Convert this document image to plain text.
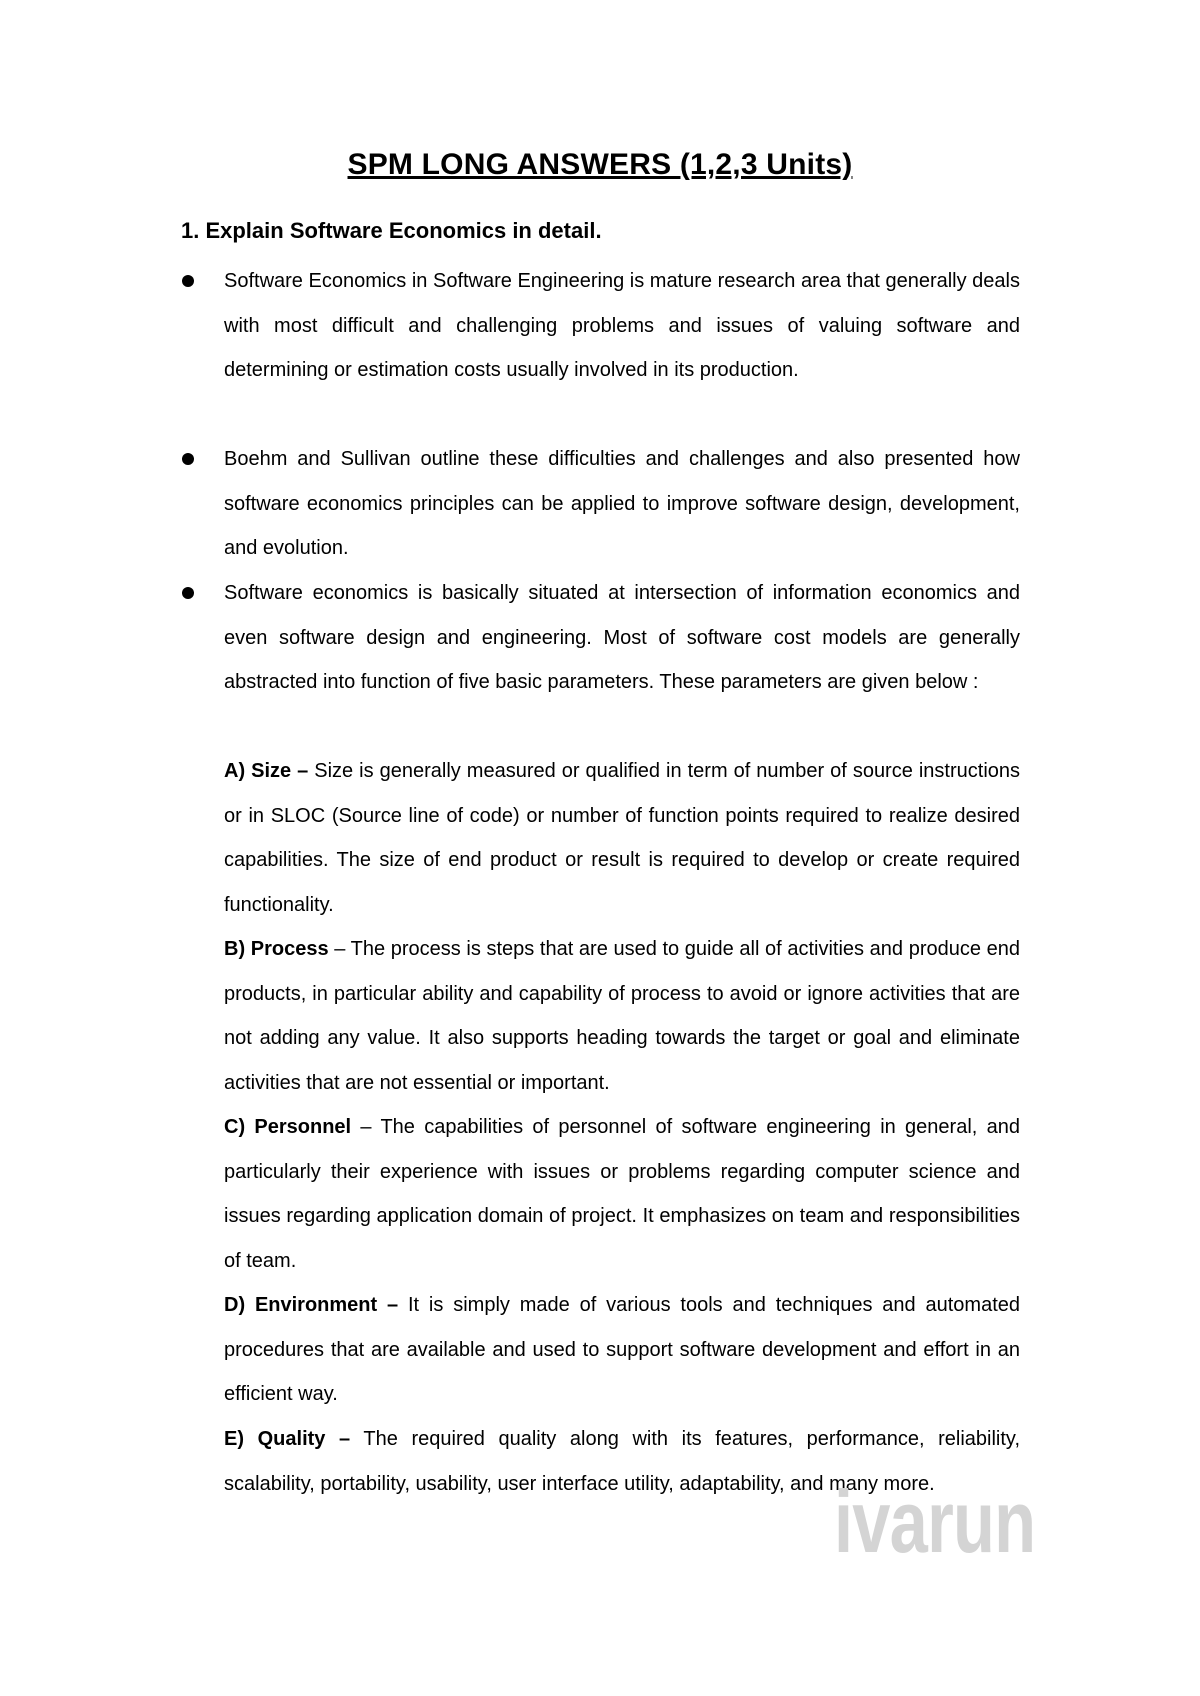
SPM LONG ANSWERS (1,2,3 Units)
1. Explain Software Economics in detail.
Software Economics in Software Engineering is mature research area that generally deals with most difficult and challenging problems and issues of valuing software and determining or estimation costs usually involved in its production.
Boehm and Sullivan outline these difficulties and challenges and also presented how software economics principles can be applied to improve software design, development, and evolution.
Software economics is basically situated at intersection of information economics and even software design and engineering. Most of software cost models are generally abstracted into function of five basic parameters. These parameters are given below :
A) Size – Size is generally measured or qualified in term of number of source instructions or in SLOC (Source line of code) or number of function points required to realize desired capabilities. The size of end product or result is required to develop or create required functionality.
B) Process – The process is steps that are used to guide all of activities and produce end products, in particular ability and capability of process to avoid or ignore activities that are not adding any value. It also supports heading towards the target or goal and eliminate activities that are not essential or important.
C) Personnel – The capabilities of personnel of software engineering in general, and particularly their experience with issues or problems regarding computer science and issues regarding application domain of project. It emphasizes on team and responsibilities of team.
D) Environment – It is simply made of various tools and techniques and automated procedures that are available and used to support software development and effort in an efficient way.
E) Quality – The required quality along with its features, performance, reliability, scalability, portability, usability, user interface utility, adaptability, and many more.
ivarun
